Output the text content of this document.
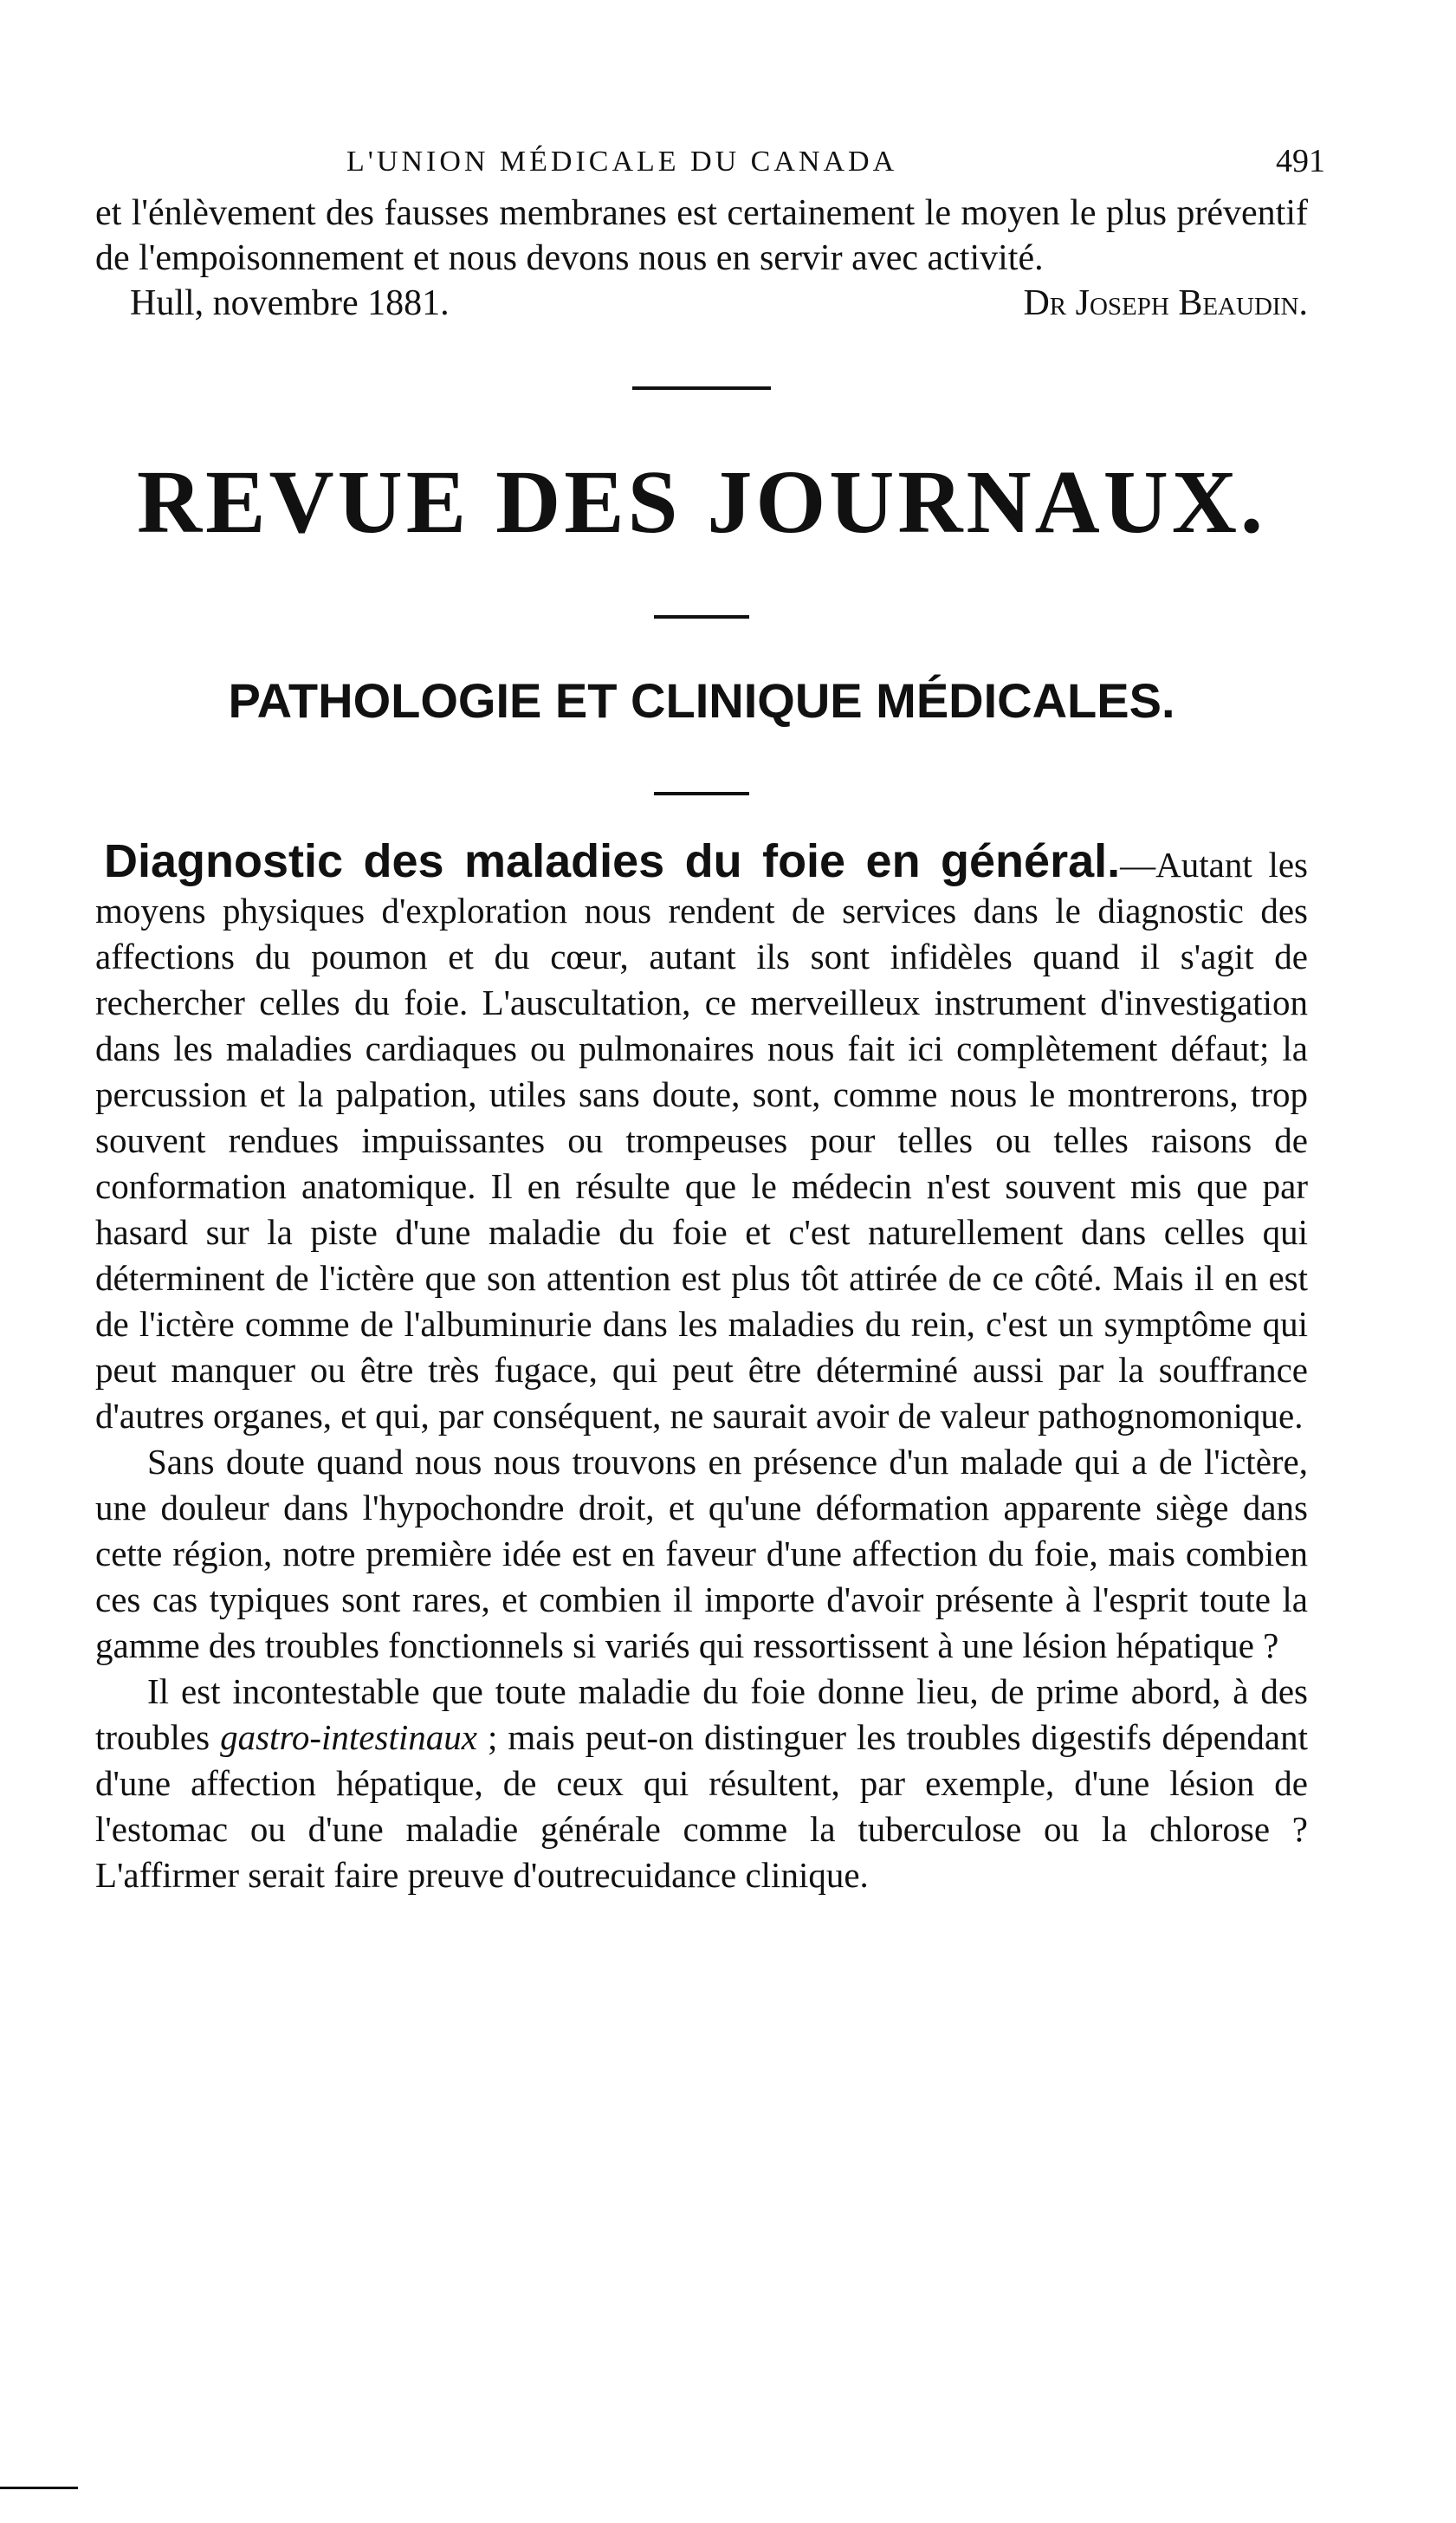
L'UNION MÉDICALE DU CANADA	491

et l'énlèvement des fausses membranes est certainement le moyen le plus préventif de l'empoisonnement et nous devons nous en servir avec activité.

Hull, novembre 1881.	Dr Joseph Beaudin.
REVUE DES JOURNAUX.
PATHOLOGIE ET CLINIQUE MÉDICALES.

Diagnostic des maladies du foie en général.—Autant les moyens physiques d'exploration nous rendent de services dans le diagnostic des affections du poumon et du cœur, autant ils sont infidèles quand il s'agit de rechercher celles du foie. L'auscultation, ce merveilleux instrument d'investigation dans les maladies cardiaques ou pulmonaires nous fait ici complètement défaut; la percussion et la palpation, utiles sans doute, sont, comme nous le montrerons, trop souvent rendues impuissantes ou trompeuses pour telles ou telles raisons de conformation anatomique. Il en résulte que le médecin n'est souvent mis que par hasard sur la piste d'une maladie du foie et c'est naturellement dans celles qui déterminent de l'ictère que son attention est plus tôt attirée de ce côté. Mais il en est de l'ictère comme de l'albuminurie dans les maladies du rein, c'est un symptôme qui peut manquer ou être très fugace, qui peut être déterminé aussi par la souffrance d'autres organes, et qui, par conséquent, ne saurait avoir de valeur pathognomonique.

Sans doute quand nous nous trouvons en présence d'un malade qui a de l'ictère, une douleur dans l'hypochondre droit, et qu'une déformation apparente siège dans cette région, notre première idée est en faveur d'une affection du foie, mais combien ces cas typiques sont rares, et combien il importe d'avoir présente à l'esprit toute la gamme des troubles fonctionnels si variés qui ressortissent à une lésion hépatique ?

Il est incontestable que toute maladie du foie donne lieu, de prime abord, à des troubles gastro-intestinaux ; mais peut-on distinguer les troubles digestifs dépendant d'une affection hépatique, de ceux qui résultent, par exemple, d'une lésion de l'estomac ou d'une maladie générale comme la tuberculose ou la chlorose ? L'affirmer serait faire preuve d'outrecuidance clinique.
